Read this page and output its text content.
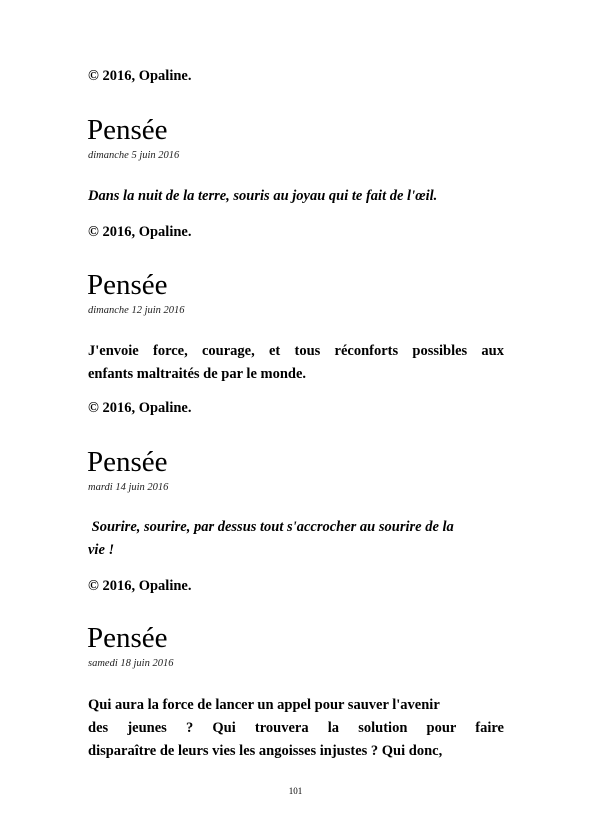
© 2016, Opaline.
Pensée
dimanche 5 juin 2016
Dans la nuit de la terre, souris au joyau qui te fait de l'œil.
© 2016, Opaline.
Pensée
dimanche 12 juin 2016
J'envoie force, courage, et tous réconforts possibles aux
enfants maltraités de par le monde.
© 2016, Opaline.
Pensée
mardi 14 juin 2016
Sourire, sourire, par dessus tout s'accrocher au sourire de la
vie !
© 2016, Opaline.
Pensée
samedi 18 juin 2016
Qui aura la force de lancer un appel pour sauver l'avenir
des jeunes ? Qui trouvera la solution pour faire
disparaître de leurs vies les angoisses injustes ? Qui donc,
101
